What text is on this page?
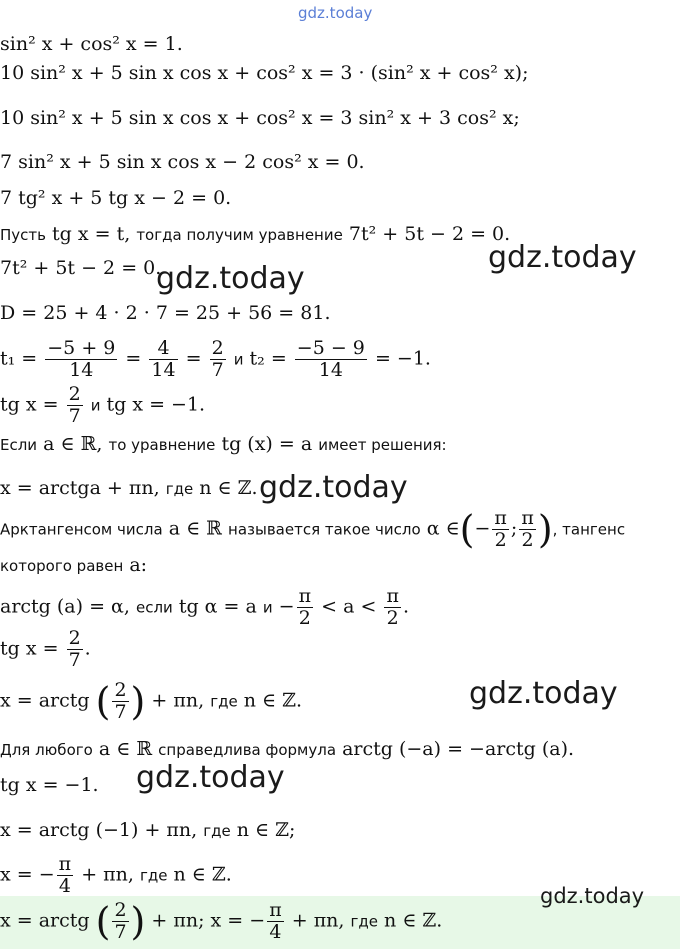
gdz.today
gdz.today
gdz.today
gdz.today
gdz.today
gdz.today
gdz.today
sin² x + cos² x = 1.
10 sin² x + 5 sin x cos x + cos² x = 3 · (sin² x + cos² x);
10 sin² x + 5 sin x cos x + cos² x = 3 sin² x + 3 cos² x;
7 sin² x + 5 sin x cos x − 2 cos² x = 0.
7 tg² x + 5 tg x − 2 = 0.
Пусть tg x = t, тогда получим уравнение 7t² + 5t − 2 = 0.
7t² + 5t − 2 = 0.
D = 25 + 4 · 2 · 7 = 25 + 56 = 81.
$t_1 = \frac{-5 + 9}{14} = \frac{4}{14} = \frac{2}{7}$ и $t_2 = \frac{-5 - 9}{14} = -1$.
tg $x = \frac{2}{7}$ и tg x = −1.
Если a ∈ ℝ, то уравнение tg (x) = a имеет решения:
x = arctga + πn, где n ∈ ℤ.
Арктангенсом числа a ∈ ℝ называется такое число α ∈(− $\frac{\pi}{2}$ ; $\frac{\pi}{2}$ ), тангенс
которого равен a:
arctg (a) = α, если tg α = a $и - \frac{\pi}{2} < a < \frac{\pi}{2}$ .
tg $x = \frac{2}{7}$ .
x = arctg ( $\frac{2}{7}$ ) + πn, где n ∈ ℤ.
Для любого a ∈ ℝ справедлива формула arctg (−a) = −arctg (a).
tg x = −1.
x = arctg (−1) + πn, где n ∈ ℤ;
x = − $\frac{\pi}{4} + \pi n$, где n ∈ ℤ.
x = arctg ( $\frac{2}{7}$ ) + πn; x = − $\frac{\pi}{4} + \pi n$, где n ∈ ℤ.
